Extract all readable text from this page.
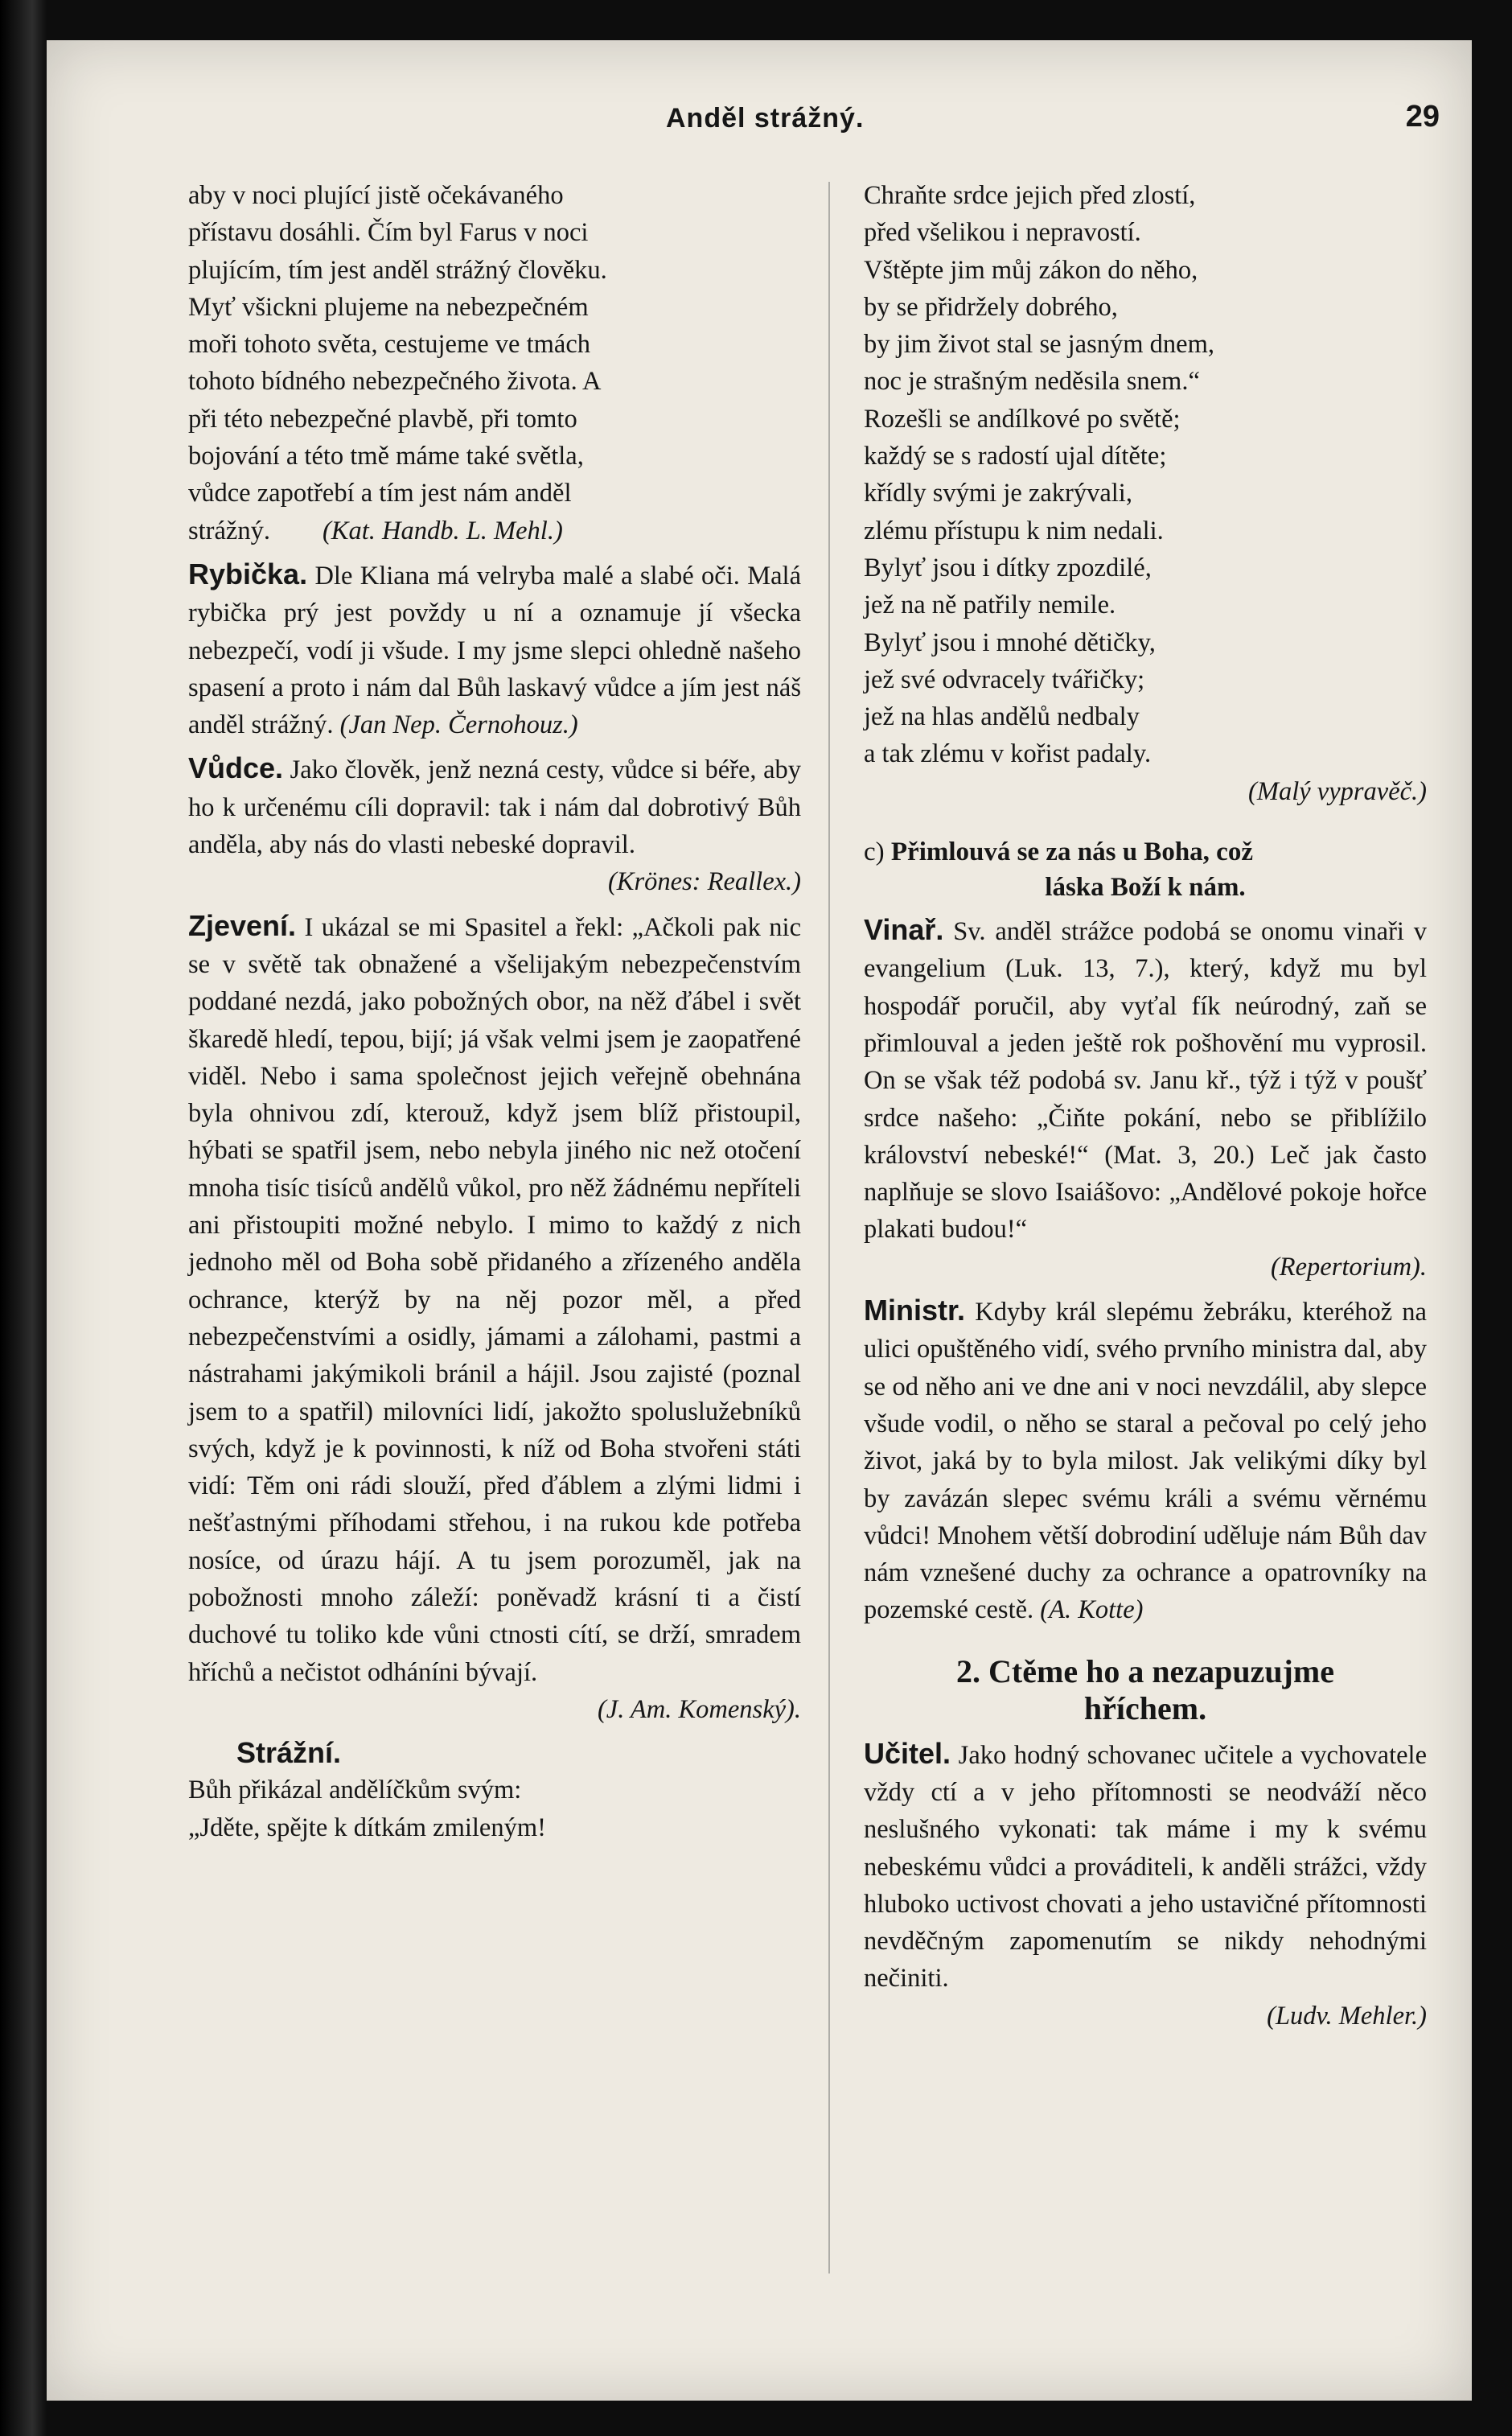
Anděl strážný.	29
aby v noci plující jistě očekávaného
přístavu dosáhli. Čím byl Farus v noci
plujícím, tím jest anděl strážný člověku.
Myť všickni plujeme na nebezpečném
moři tohoto světa, cestujeme ve tmách
tohoto bídného nebezpečného života. A
při této nebezpečné plavbě, při tomto
bojování a této tmě máme také světla,
vůdce zapotřebí a tím jest nám anděl
strážný. (Kat. Handb. L. Mehl.)

Rybička. Dle Kliana má velryba malé a slabé oči. Malá rybička prý jest povždy u ní a oznamuje jí všecka nebezpečí, vodí ji všude. I my jsme slepci ohledně našeho spasení a proto i nám dal Bůh laskavý vůdce a jím jest náš anděl strážný. (Jan Nep. Černohouz.)

Vůdce. Jako člověk, jenž nezná cesty, vůdce si béře, aby ho k určenému cíli dopravil: tak i nám dal dobrotivý Bůh anděla, aby nás do vlasti nebeské dopravil.

(Krönes: Reallex.)

Zjevení. I ukázal se mi Spasitel a řekl: „Ačkoli pak nic se v světě tak obnažené a všelijakým nebezpečenstvím poddané nezdá, jako pobožných obor, na něž ďábel i svět škaredě hledí, tepou, bijí; já však velmi jsem je zaopatřené viděl. Nebo i sama společnost jejich veřejně obehnána byla ohnivou zdí, kterouž, když jsem blíž přistoupil, hýbati se spatřil jsem, nebo nebyla jiného nic než otočení mnoha tisíc tisíců andělů vůkol, pro něž žádnému nepříteli ani přistoupiti možné nebylo. I mimo to každý z nich jednoho měl od Boha sobě přidaného a zřízeného anděla ochrance, kterýž by na něj pozor měl, a před nebezpečenstvími a osidly, jámami a zálohami, pastmi a nástrahami jakýmikoli bránil a hájil. Jsou zajisté (poznal jsem to a spatřil) milovníci lidí, jakožto spoluslužebníků svých, když je k povinnosti, k níž od Boha stvořeni státi vidí: Těm oni rádi slouží, před ďáblem a zlými lidmi i nešťastnými příhodami střehou, i na rukou kde potřeba nosíce, od úrazu hájí. A tu jsem porozuměl, jak na pobožnosti mnoho záleží: poněvadž krásní ti a čistí duchové tu toliko kde vůni ctnosti cítí, se drží, smradem hříchů a nečistot odháníni bývají.

(J. Am. Komenský).

Strážní.
Bůh přikázal andělíčkům svým:
„Jděte, spějte k dítkám zmileným!
Chraňte srdce jejich před zlostí,
před všelikou i nepravostí.
Vštěpte jim můj zákon do něho,
by se přidržely dobrého,
by jim život stal se jasným dnem,
noc je strašným neděsila snem.“
Rozešli se andílkové po světě;
každý se s radostí ujal dítěte;
křídly svými je zakrývali,
zlému přístupu k nim nedali.
Bylyť jsou i dítky zpozdilé,
jež na ně patřily nemile.
Bylyť jsou i mnohé dětičky,
jež své odvracely tvářičky;
jež na hlas andělů nedbaly
a tak zlému v kořist padaly.

(Malý vypravěč.)

c) Přimlouvá se za nás u Boha, což
láska Boží k nám.

Vinař. Sv. anděl strážce podobá se onomu vinaři v evangelium (Luk. 13, 7.), který, když mu byl hospodář poručil, aby vyťal fík neúrodný, zaň se přimlouval a jeden ještě rok pošhovění mu vyprosil. On se však též podobá sv. Janu kř., týž i týž v poušť srdce našeho: „Čiňte pokání, nebo se přiblížilo království nebeské!“ (Mat. 3, 20.) Leč jak často naplňuje se slovo Isaiášovo: „Andělové pokoje hořce plakati budou!“

(Repertorium).

Ministr. Kdyby král slepému žebráku, kteréhož na ulici opuštěného vidí, svého prvního ministra dal, aby se od něho ani ve dne ani v noci nevzdálil, aby slepce všude vodil, o něho se staral a pečoval po celý jeho život, jaká by to byla milost. Jak velikými díky byl by zavázán slepec svému králi a svému věrnému vůdci! Mnohem větší dobrodiní uděluje nám Bůh dav nám vznešené duchy za ochrance a opatrovníky na pozemské cestě. (A. Kotte)

2. Ctěme ho a nezapuzujme
hříchem.

Učitel. Jako hodný schovanec učitele a vychovatele vždy ctí a v jeho přítomnosti se neodváží něco neslušného vykonati: tak máme i my k svému nebeskému vůdci a prováditeli, k anděli strážci, vždy hluboko uctivost chovati a jeho ustavičné přítomnosti nevděčným zapomenutím se nikdy nehodnými nečiniti.

(Ludv. Mehler.)
